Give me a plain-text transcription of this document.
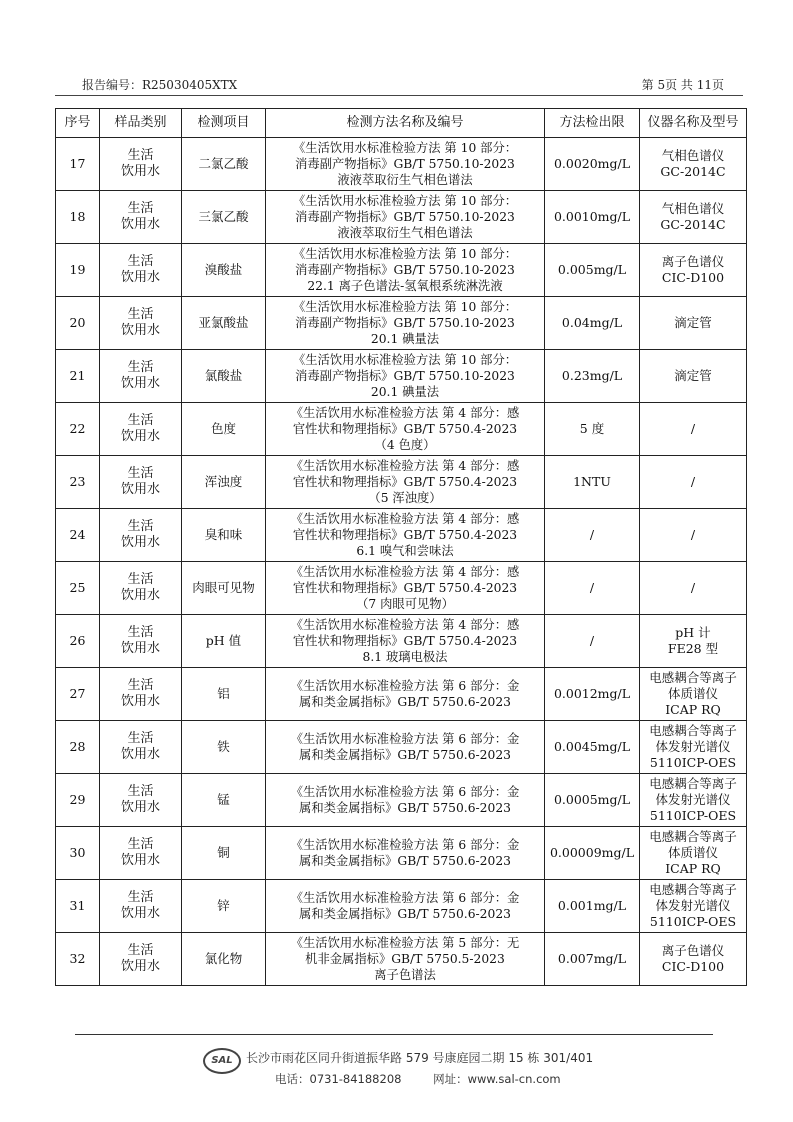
报告编号：R25030405XTX	第 5页 共 11页
序号	样品类别	检测项目	检测方法名称及编号	方法检出限	仪器名称及型号
17	生活
饮用水	二氯乙酸	《生活饮用水标准检验方法 第 10 部分：
消毒副产物指标》GB/T 5750.10-2023
液液萃取衍生气相色谱法	0.0020mg/L	气相色谱仪
GC-2014C
18	生活
饮用水	三氯乙酸	《生活饮用水标准检验方法 第 10 部分：
消毒副产物指标》GB/T 5750.10-2023
液液萃取衍生气相色谱法	0.0010mg/L	气相色谱仪
GC-2014C
19	生活
饮用水	溴酸盐	《生活饮用水标准检验方法 第 10 部分：
消毒副产物指标》GB/T 5750.10-2023
22.1 离子色谱法-氢氧根系统淋洗液	0.005mg/L	离子色谱仪
CIC-D100
20	生活
饮用水	亚氯酸盐	《生活饮用水标准检验方法 第 10 部分：
消毒副产物指标》GB/T 5750.10-2023
20.1 碘量法	0.04mg/L	滴定管
21	生活
饮用水	氯酸盐	《生活饮用水标准检验方法 第 10 部分：
消毒副产物指标》GB/T 5750.10-2023
20.1 碘量法	0.23mg/L	滴定管
22	生活
饮用水	色度	《生活饮用水标准检验方法 第 4 部分：感
官性状和物理指标》GB/T 5750.4-2023
（4 色度）	5 度	/
23	生活
饮用水	浑浊度	《生活饮用水标准检验方法 第 4 部分：感
官性状和物理指标》GB/T 5750.4-2023
（5 浑浊度）	1NTU	/
24	生活
饮用水	臭和味	《生活饮用水标准检验方法 第 4 部分：感
官性状和物理指标》GB/T 5750.4-2023
6.1 嗅气和尝味法	/	/
25	生活
饮用水	肉眼可见物	《生活饮用水标准检验方法 第 4 部分：感
官性状和物理指标》GB/T 5750.4-2023
（7 肉眼可见物）	/	/
26	生活
饮用水	pH 值	《生活饮用水标准检验方法 第 4 部分：感
官性状和物理指标》GB/T 5750.4-2023
8.1 玻璃电极法	/	pH 计
FE28 型
27	生活
饮用水	铝	《生活饮用水标准检验方法 第 6 部分：金
属和类金属指标》GB/T 5750.6-2023	0.0012mg/L	电感耦合等离子
体质谱仪
ICAP RQ
28	生活
饮用水	铁	《生活饮用水标准检验方法 第 6 部分：金
属和类金属指标》GB/T 5750.6-2023	0.0045mg/L	电感耦合等离子
体发射光谱仪
5110ICP-OES
29	生活
饮用水	锰	《生活饮用水标准检验方法 第 6 部分：金
属和类金属指标》GB/T 5750.6-2023	0.0005mg/L	电感耦合等离子
体发射光谱仪
5110ICP-OES
30	生活
饮用水	铜	《生活饮用水标准检验方法 第 6 部分：金
属和类金属指标》GB/T 5750.6-2023	0.00009mg/L	电感耦合等离子
体质谱仪
ICAP RQ
31	生活
饮用水	锌	《生活饮用水标准检验方法 第 6 部分：金
属和类金属指标》GB/T 5750.6-2023	0.001mg/L	电感耦合等离子
体发射光谱仪
5110ICP-OES
32	生活
饮用水	氯化物	《生活饮用水标准检验方法 第 5 部分：无
机非金属指标》GB/T 5750.5-2023
离子色谱法	0.007mg/L	离子色谱仪
CIC-D100
SAL	长沙市雨花区同升街道振华路 579 号康庭园二期 15 栋 301/401
电话：0731-84188208	网址：www.sal-cn.com
